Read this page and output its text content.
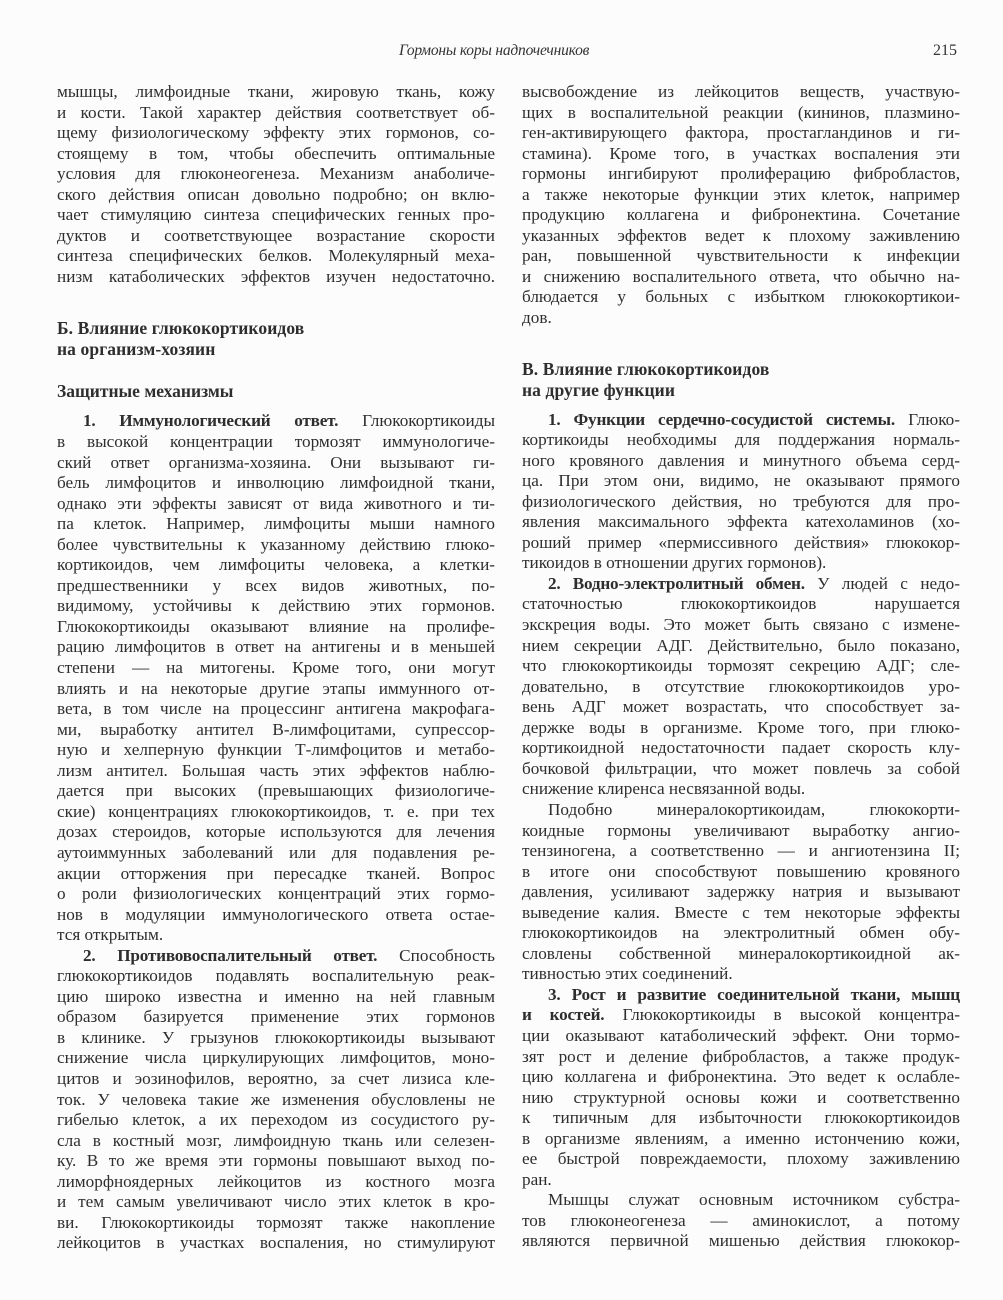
Гормоны коры надпочечников	215
мышцы, лимфоидные ткани, жировую ткань, кожу
и кости. Такой характер действия соответствует об-
щему физиологическому эффекту этих гормонов, со-
стоящему в том, чтобы обеспечить оптимальные
условия для глюконеогенеза. Механизм анаболиче-
ского действия описан довольно подробно; он вклю-
чает стимуляцию синтеза специфических генных про-
дуктов и соответствующее возрастание скорости
синтеза специфических белков. Молекулярный меха-
низм катаболических эффектов изучен недостаточно.
Б. Влияние глюкокортикоидов
на организм-хозяин
Защитные механизмы
1. Иммунологический ответ. Глюкокортикоиды
в высокой концентрации тормозят иммунологиче-
ский ответ организма-хозяина. Они вызывают ги-
бель лимфоцитов и инволюцию лимфоидной ткани,
однако эти эффекты зависят от вида животного и ти-
па клеток. Например, лимфоциты мыши намного
более чувствительны к указанному действию глюко-
кортикоидов, чем лимфоциты человека, а клетки-
предшественники у всех видов животных, по-
видимому, устойчивы к действию этих гормонов.
Глюкокортикоиды оказывают влияние на пролифе-
рацию лимфоцитов в ответ на антигены и в меньшей
степени — на митогены. Кроме того, они могут
влиять и на некоторые другие этапы иммунного от-
вета, в том числе на процессинг антигена макрофага-
ми, выработку антител В-лимфоцитами, супрессор-
ную и хелперную функции Т-лимфоцитов и метабо-
лизм антител. Большая часть этих эффектов наблю-
дается при высоких (превышающих физиологиче-
ские) концентрациях глюкокортикоидов, т. е. при тех
дозах стероидов, которые используются для лечения
аутоиммунных заболеваний или для подавления ре-
акции отторжения при пересадке тканей. Вопрос
о роли физиологических концентраций этих гормо-
нов в модуляции иммунологического ответа остае-
тся открытым.
2. Противовоспалительный ответ. Способность
глюкокортикоидов подавлять воспалительную реак-
цию широко известна и именно на ней главным
образом базируется применение этих гормонов
в клинике. У грызунов глюкокортикоиды вызывают
снижение числа циркулирующих лимфоцитов, моно-
цитов и эозинофилов, вероятно, за счет лизиса кле-
ток. У человека такие же изменения обусловлены не
гибелью клеток, а их переходом из сосудистого ру-
сла в костный мозг, лимфоидную ткань или селезен-
ку. В то же время эти гормоны повышают выход по-
лиморфноядерных лейкоцитов из костного мозга
и тем самым увеличивают число этих клеток в кро-
ви. Глюкокортикоиды тормозят также накопление
лейкоцитов в участках воспаления, но стимулируют
высвобождение из лейкоцитов веществ, участвую-
щих в воспалительной реакции (кининов, плазмино-
ген-активирующего фактора, простагландинов и ги-
стамина). Кроме того, в участках воспаления эти
гормоны ингибируют пролиферацию фибробластов,
а также некоторые функции этих клеток, например
продукцию коллагена и фибронектина. Сочетание
указанных эффектов ведет к плохому заживлению
ран, повышенной чувствительности к инфекции
и снижению воспалительного ответа, что обычно на-
блюдается у больных с избытком глюкокортикои-
дов.
В. Влияние глюкокортикоидов
на другие функции
1. Функции сердечно-сосудистой системы. Глюко-
кортикоиды необходимы для поддержания нормаль-
ного кровяного давления и минутного объема серд-
ца. При этом они, видимо, не оказывают прямого
физиологического действия, но требуются для про-
явления максимального эффекта катехоламинов (хо-
роший пример «пермиссивного действия» глюкокор-
тикоидов в отношении других гормонов).
2. Водно-электролитный обмен. У людей с недо-
статочностью глюкокортикоидов нарушается
экскреция воды. Это может быть связано с измене-
нием секреции АДГ. Действительно, было показано,
что глюкокортикоиды тормозят секрецию АДГ; сле-
довательно, в отсутствие глюкокортикоидов уро-
вень АДГ может возрастать, что способствует за-
держке воды в организме. Кроме того, при глюко-
кортикоидной недостаточности падает скорость клу-
бочковой фильтрации, что может повлечь за собой
снижение клиренса несвязанной воды.
Подобно минералокортикоидам, глюкокорти-
коидные гормоны увеличивают выработку ангио-
тензиногена, а соответственно — и ангиотензина II;
в итоге они способствуют повышению кровяного
давления, усиливают задержку натрия и вызывают
выведение калия. Вместе с тем некоторые эффекты
глюкокортикоидов на электролитный обмен обу-
словлены собственной минералокортикоидной ак-
тивностью этих соединений.
3. Рост и развитие соединительной ткани, мышц
и костей. Глюкокортикоиды в высокой концентра-
ции оказывают катаболический эффект. Они тормо-
зят рост и деление фибробластов, а также продук-
цию коллагена и фибронектина. Это ведет к ослабле-
нию структурной основы кожи и соответственно
к типичным для избыточности глюкокортикоидов
в организме явлениям, а именно истончению кожи,
ее быстрой повреждаемости, плохому заживлению
ран.
Мышцы служат основным источником субстра-
тов глюконеогенеза — аминокислот, а потому
являются первичной мишенью действия глюкокор-
